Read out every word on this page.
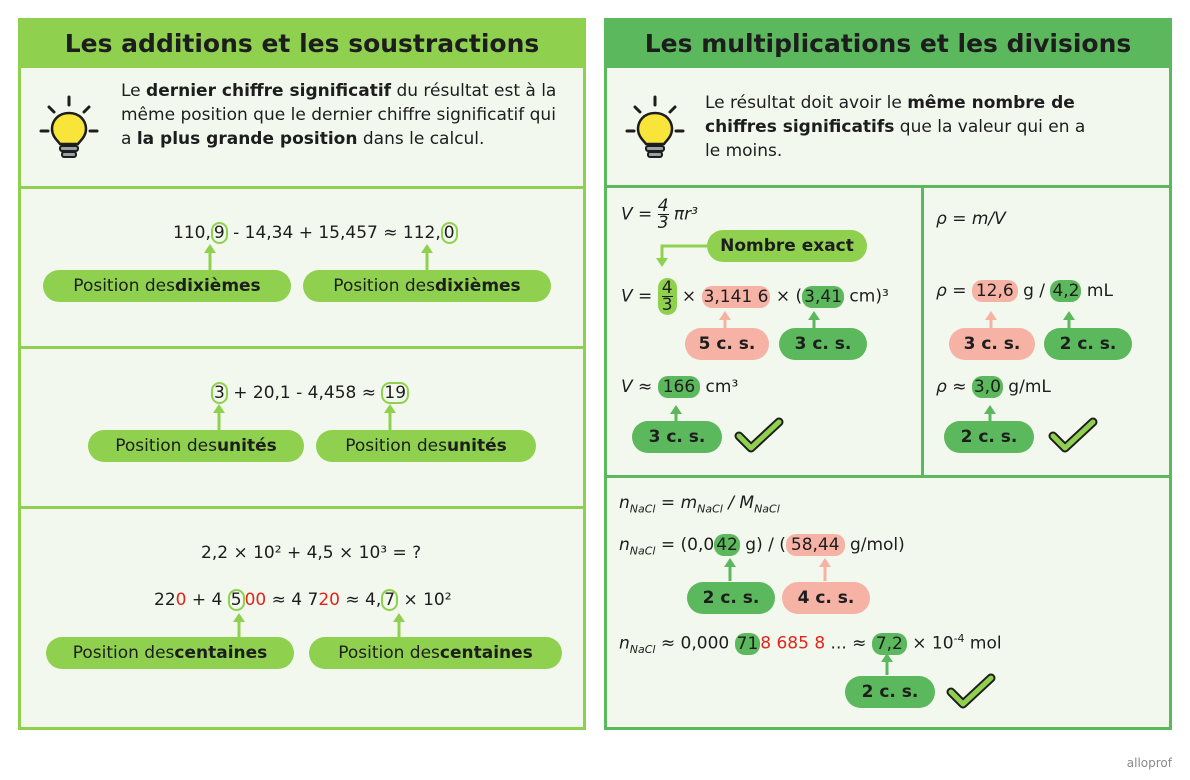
Les additions et les soustractions
Le dernier chiffre significatif du résultat est à la même position que le dernier chiffre significatif qui a la plus grande position dans le calcul.
110, 9 - 14,34 + 15,457 ≈ 112, 0
Position des dixièmes	Position des dixièmes
3 + 20,1 - 4,458 ≈ 19
Position des unités	Position des unités
2,2 × 10² + 4,5 × 10³ = ?
220 + 4 5 00 ≈ 4 720 ≈ 4, 7 × 10²
Position des centaines	Position des centaines
Les multiplications et les divisions
Le résultat doit avoir le même nombre de chiffres significatifs que la valeur qui en a le moins.
$V = \frac{4}{3} \pi r^3$
Nombre exact
$V = \frac{4}{3} \times 3,141$ 6 × ( 3,41 cm)³
5 c. s.	3 c. s.
V ≈ 166 cm³
3 c. s.
ρ = m/V
ρ = 12,6 g / 4,2 mL
3 c. s.	2 c. s.
ρ ≈ 3,0 g/mL
2 c. s.
$n_{NaCl} = m_{NaCl} / M_{NaCl}$
$n_{NaCl} = (0,0$ 42 g) / ( 58,44 g/mol)
2 c. s.	4 c. s.
$n_{NaCl} \approx 0,000$ 71 8 685 8 ... ≈ $7,2 \times 10^{-4}$ mol
2 c. s.
alloprof
